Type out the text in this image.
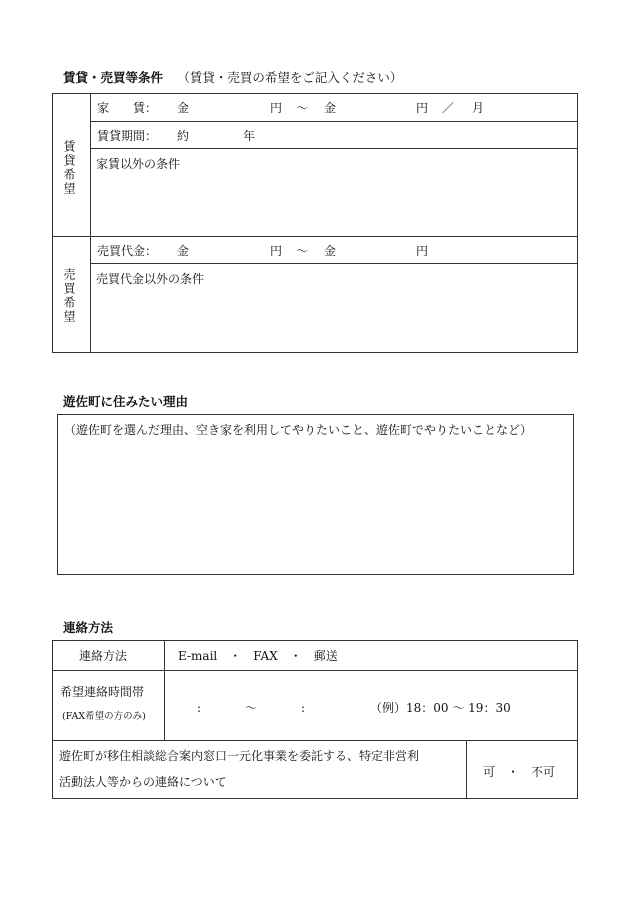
賃貸・売買等条件 （賃貸・売買の希望をご記入ください）
賃貸希望
家　　賃： 金	円 〜 金	円 ／ 月
賃貸期間： 約	年
家賃以外の条件
売買希望
売買代金： 金	円 〜 金	円
売買代金以外の条件
遊佐町に住みたい理由
（遊佐町を選んだ理由、空き家を利用してやりたいこと、遊佐町でやりたいことなど）
連絡方法
連絡方法	E-mail　・　FAX　・　郵送
希望連絡時間帯
(FAX希望の方のみ)
:	〜	:	（例）18：00 〜 19：30
遊佐町が移住相談総合案内窓口一元化事業を委託する、特定非営利
活動法人等からの連絡について
可　・　不可
